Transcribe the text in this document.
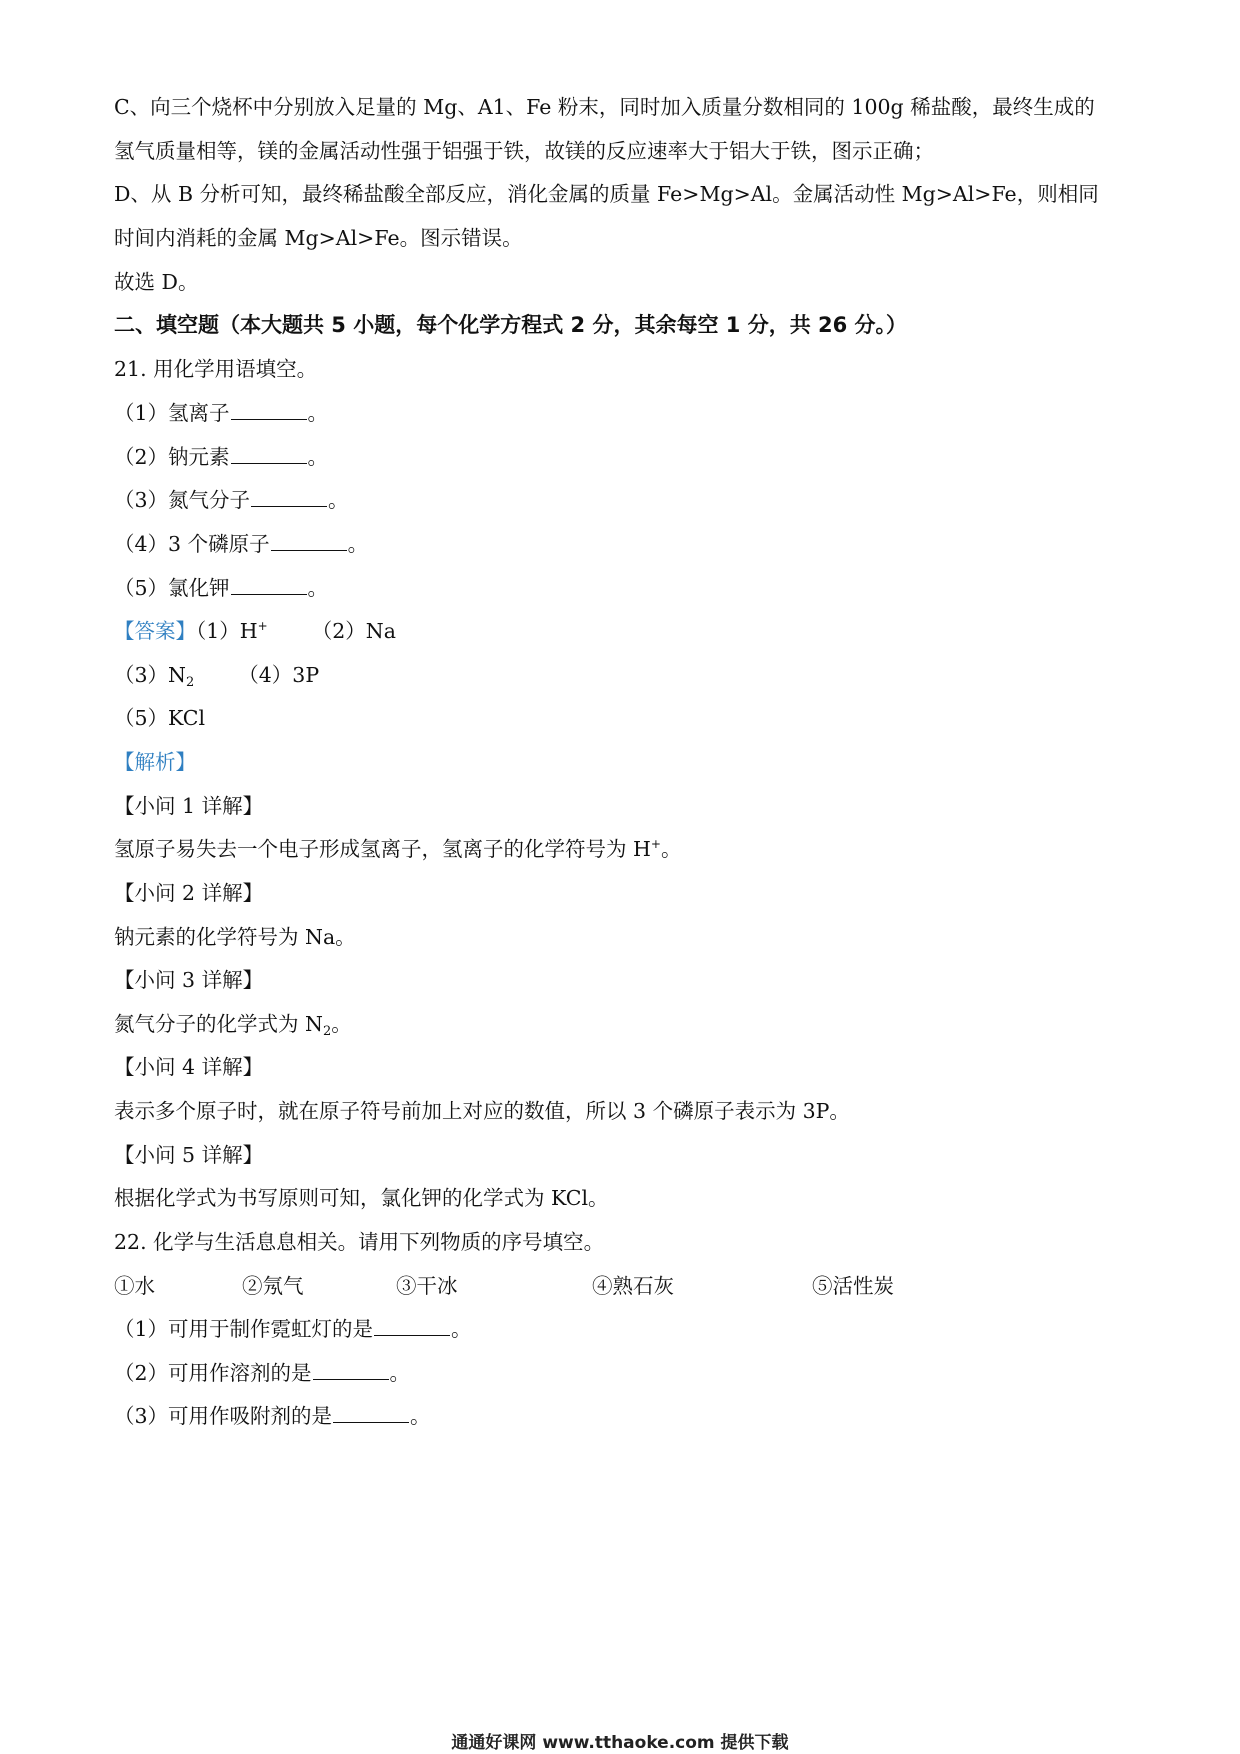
C、向三个烧杯中分别放入足量的 Mg、A1、Fe 粉末，同时加入质量分数相同的 100g 稀盐酸，最终生成的
氢气质量相等，镁的金属活动性强于铝强于铁，故镁的反应速率大于铝大于铁，图示正确；
D、从 B 分析可知，最终稀盐酸全部反应，消化金属的质量 Fe>Mg>Al。金属活动性 Mg>Al>Fe，则相同
时间内消耗的金属 Mg>Al>Fe。图示错误。
故选 D。
二、填空题（本大题共 5 小题，每个化学方程式 2 分，其余每空 1 分，共 26 分。）
21. 用化学用语填空。
（1）氢离子	。
（2）钠元素	。
（3）氮气分子	。
（4）3 个磷原子	。
（5）氯化钾	。
【答案】（1）H+ （2）Na
$(3)N_2$ （4）3P
（5）KCl
【解析】
【小问 1 详解】
氢原子易失去一个电子形成氢离子，氢离子的化学符号为 H+。
【小问 2 详解】
钠元素的化学符号为 Na。
【小问 3 详解】
氮气分子的化学式为 $N_2$。
【小问 4 详解】
表示多个原子时，就在原子符号前加上对应的数值，所以 3 个磷原子表示为 3P。
【小问 5 详解】
根据化学式为书写原则可知，氯化钾的化学式为 KCl。
22. 化学与生活息息相关。请用下列物质的序号填空。
①水	②氖气	③干冰	④熟石灰	⑤活性炭
（1）可用于制作霓虹灯的是	。
（2）可用作溶剂的是	。
（3）可用作吸附剂的是	。
通通好课网 www.tthaoke.com 提供下载
